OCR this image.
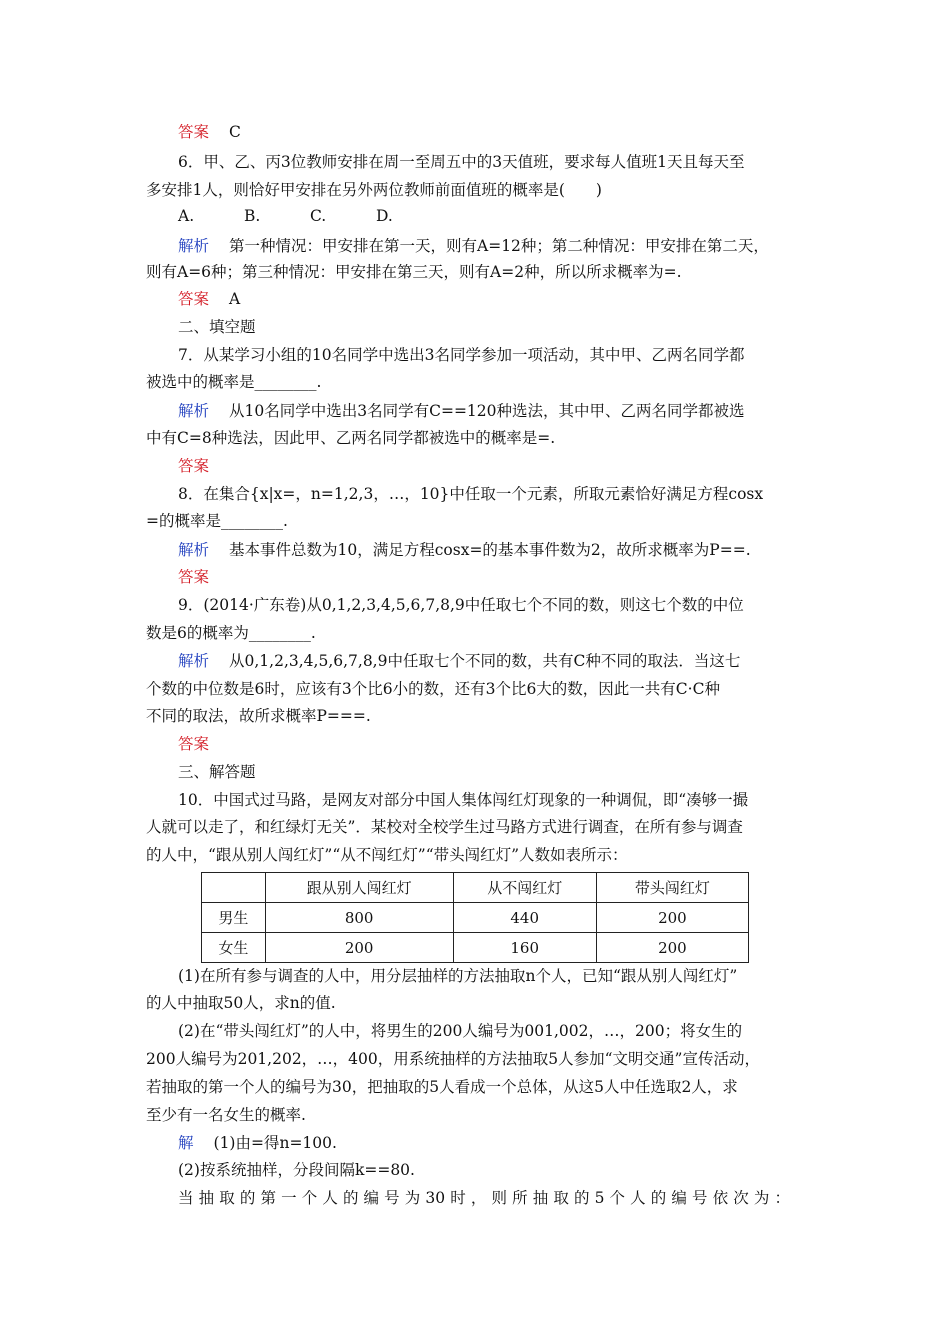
答案 C
6．甲、乙、丙3位教师安排在周一至周五中的3天值班，要求每人值班1天且每天至
多安排1人，则恰好甲安排在另外两位教师前面值班的概率是(　　)
A.	B.	C.	D.
解析 第一种情况：甲安排在第一天，则有A=12种；第二种情况：甲安排在第二天，
则有A=6种；第三种情况：甲安排在第三天，则有A=2种，所以所求概率为=.
答案 A
二、填空题
7．从某学习小组的10名同学中选出3名同学参加一项活动，其中甲、乙两名同学都
被选中的概率是________.
解析 从10名同学中选出3名同学有C==120种选法，其中甲、乙两名同学都被选
中有C=8种选法，因此甲、乙两名同学都被选中的概率是=.
答案
8．在集合{x|x=，n=1,2,3，…，10}中任取一个元素，所取元素恰好满足方程cosx
=的概率是________.
解析 基本事件总数为10，满足方程cosx=的基本事件数为2，故所求概率为P==.
答案
9．(2014·广东卷)从0,1,2,3,4,5,6,7,8,9中任取七个不同的数，则这七个数的中位
数是6的概率为________.
解析 从0,1,2,3,4,5,6,7,8,9中任取七个不同的数，共有C种不同的取法．当这七
个数的中位数是6时，应该有3个比6小的数，还有3个比6大的数，因此一共有C·C种
不同的取法，故所求概率P===.
答案
三、解答题
10．中国式过马路，是网友对部分中国人集体闯红灯现象的一种调侃，即“凑够一撮
人就可以走了，和红绿灯无关”．某校对全校学生过马路方式进行调查，在所有参与调查
的人中，“跟从别人闯红灯”“从不闯红灯”“带头闯红灯”人数如表所示：
	跟从别人闯红灯	从不闯红灯	带头闯红灯
男生	800	440	200
女生	200	160	200
(1)在所有参与调查的人中，用分层抽样的方法抽取n个人，已知“跟从别人闯红灯”
的人中抽取50人，求n的值.
(2)在“带头闯红灯”的人中，将男生的200人编号为001,002，…，200；将女生的
200人编号为201,202，…，400，用系统抽样的方法抽取5人参加“文明交通”宣传活动，
若抽取的第一个人的编号为30，把抽取的5人看成一个总体，从这5人中任选取2人，求
至少有一名女生的概率.
解 (1)由=得n=100.
(2)按系统抽样，分段间隔k==80.
当抽取的第一个人的编号为30时，则所抽取的5个人的编号依次为：
